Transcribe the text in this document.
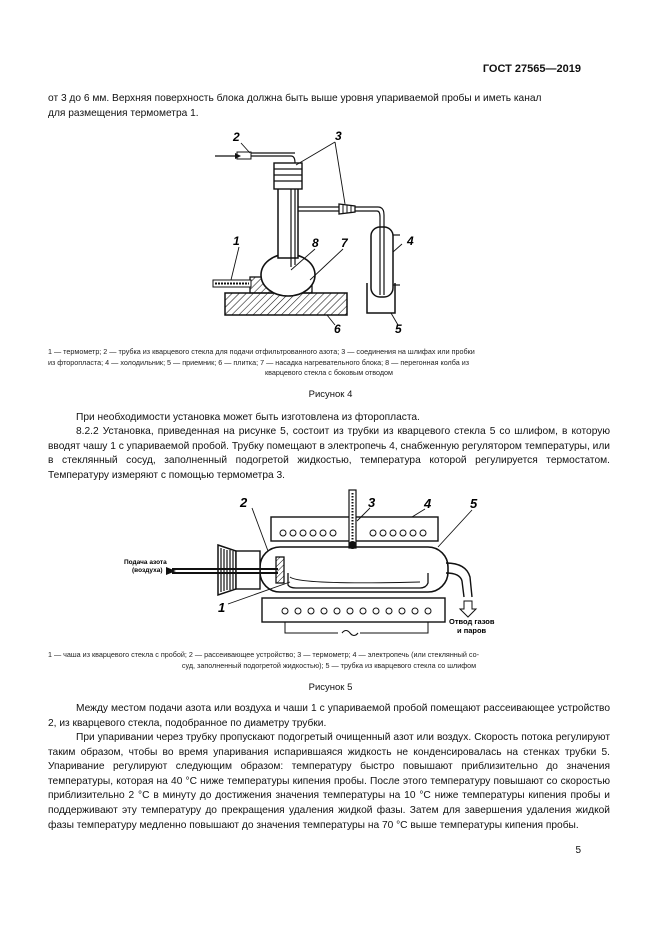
ГОСТ 27565—2019
от 3 до 6 мм. Верхняя поверхность блока должна быть выше уровня упариваемой пробы и иметь канал
для размещения термометра 1.
2	3
4
1	8 7
6	5
1 — термометр; 2 — трубка из кварцевого стекла для подачи отфильтрованного азота; 3 — соединения на шлифах или пробки
из фторопласта; 4 — холодильник; 5 — приемник; 6 — плитка; 7 — насадка нагревательного блока; 8 — перегонная колба из
кварцевого стекла с боковым отводом
Рисунок 4
При необходимости установка может быть изготовлена из фторопласта.
8.2.2 Установка, приведенная на рисунке 5, состоит из трубки из кварцевого стекла 5 со шлифом, в которую вводят чашу 1 с упариваемой пробой. Трубку помещают в электропечь 4, снабженную регулятором температуры, или в стеклянный сосуд, заполненный подогретой жидкостью, температура которой регулируется термостатом. Температуру измеряют с помощью термометра 3.
2	3	4	5
1
Подача азота
(воздуха)
Отвод газов
и паров
1 — чаша из кварцевого стекла с пробой; 2 — рассеивающее устройство; 3 — термометр; 4 — электропечь (или стеклянный со-
суд, заполненный подогретой жидкостью); 5 — трубка из кварцевого стекла со шлифом
Рисунок 5
Между местом подачи азота или воздуха и чаши 1 с упариваемой пробой помещают рассеивающее устройство 2, из кварцевого стекла, подобранное по диаметру трубки.
При упаривании через трубку пропускают подогретый очищенный азот или воздух. Скорость потока регулируют таким образом, чтобы во время упаривания испарившаяся жидкость не конденсировалась на стенках трубки 5. Упаривание регулируют следующим образом: температуру быстро повышают приблизительно до значения температуры, которая на 40 °С ниже температуры кипения пробы. После этого температуру повышают со скоростью приблизительно 2 °С в минуту до достижения значения температуры на 10 °С ниже температуры кипения пробы и поддерживают эту температуру до прекращения удаления жидкой фазы. Затем для завершения удаления жидкой фазы температуру медленно повышают до значения температуры на 70 °С выше температуры кипения пробы.
5
